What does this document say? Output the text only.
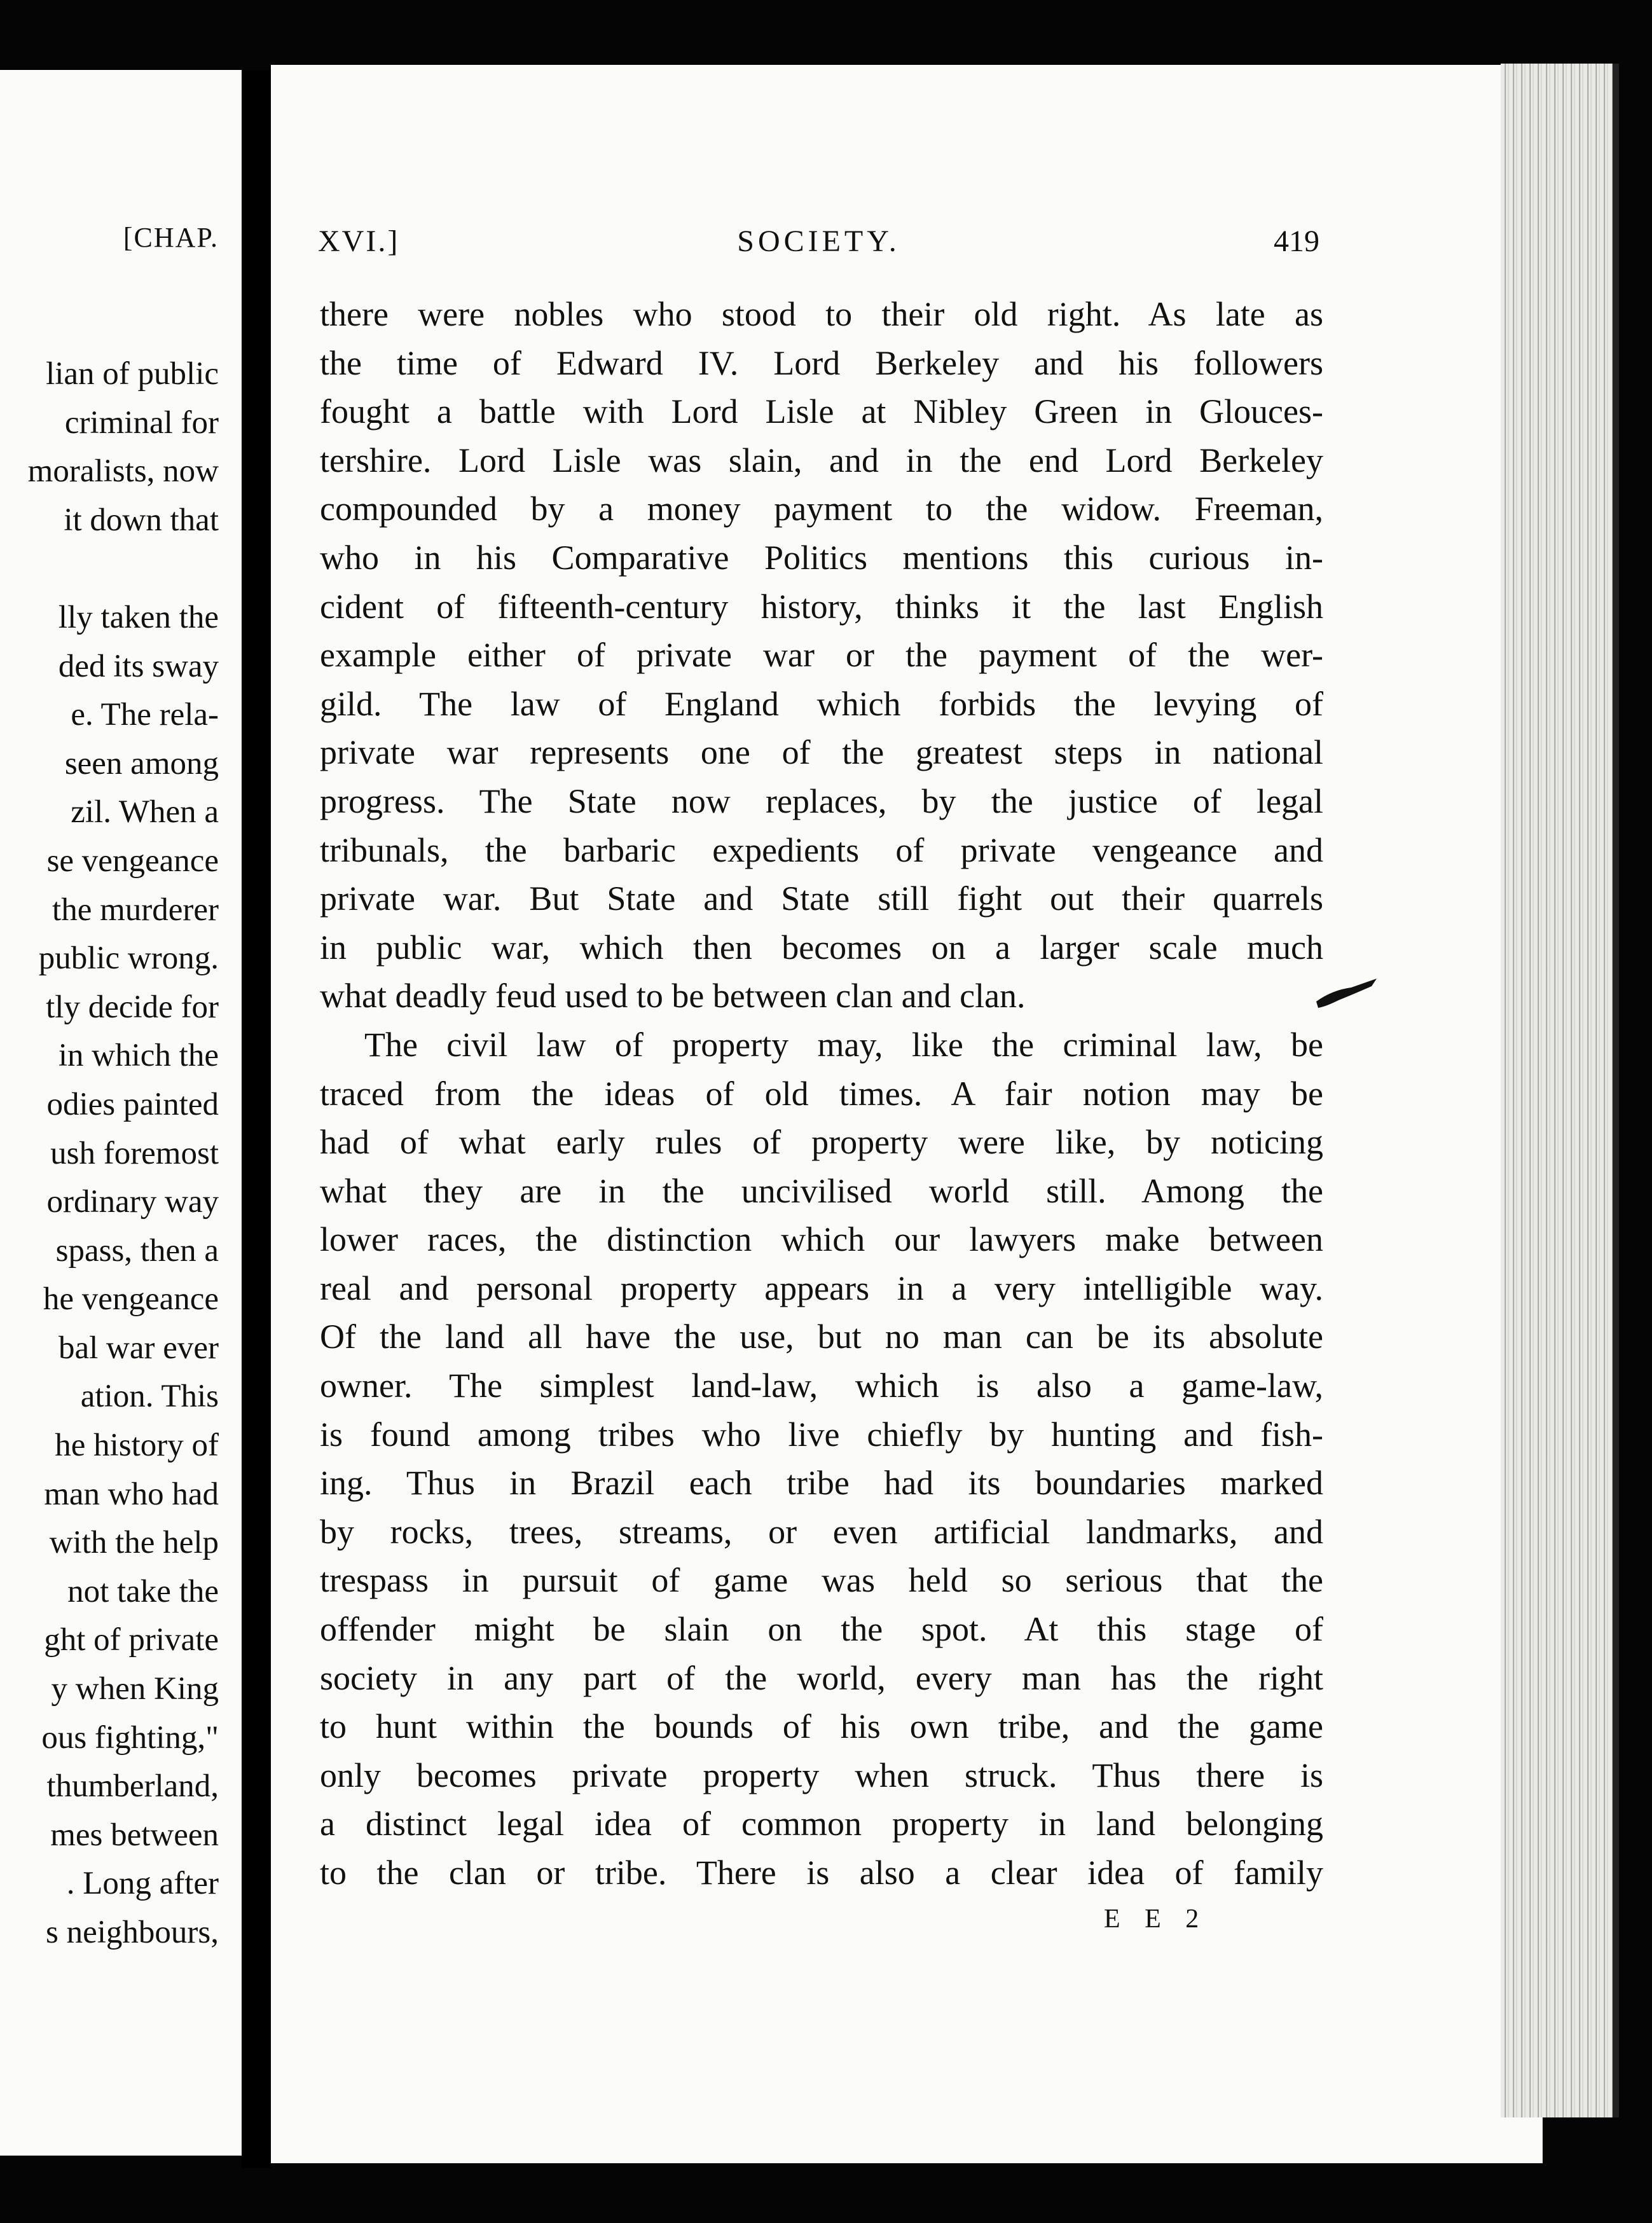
[CHAP.
lian of public
criminal for
moralists, now
it down that

lly taken the
ded its sway
e. The rela-
seen among
zil. When a
se vengeance
the murderer
public wrong.
tly decide for
in which the
odies painted
ush foremost
ordinary way
spass, then a
he vengeance
bal war ever
ation. This
he history of
man who had
with the help
not take the
ght of private
y when King
ous fighting,"
thumberland,
mes between
. Long after
s neighbours,
XVI.]	SOCIETY.	419
there were nobles who stood to their old right. As late as
the time of Edward IV. Lord Berkeley and his followers
fought a battle with Lord Lisle at Nibley Green in Glouces-
tershire. Lord Lisle was slain, and in the end Lord Berkeley
compounded by a money payment to the widow. Freeman,
who in his Comparative Politics mentions this curious in-
cident of fifteenth-century history, thinks it the last English
example either of private war or the payment of the wer-
gild. The law of England which forbids the levying of
private war represents one of the greatest steps in national
progress. The State now replaces, by the justice of legal
tribunals, the barbaric expedients of private vengeance and
private war. But State and State still fight out their quarrels
in public war, which then becomes on a larger scale much
what deadly feud used to be between clan and clan.
The civil law of property may, like the criminal law, be
traced from the ideas of old times. A fair notion may be
had of what early rules of property were like, by noticing
what they are in the uncivilised world still. Among the
lower races, the distinction which our lawyers make between
real and personal property appears in a very intelligible way.
Of the land all have the use, but no man can be its absolute
owner. The simplest land-law, which is also a game-law,
is found among tribes who live chiefly by hunting and fish-
ing. Thus in Brazil each tribe had its boundaries marked
by rocks, trees, streams, or even artificial landmarks, and
trespass in pursuit of game was held so serious that the
offender might be slain on the spot. At this stage of
society in any part of the world, every man has the right
to hunt within the bounds of his own tribe, and the game
only becomes private property when struck. Thus there is
a distinct legal idea of common property in land belonging
to the clan or tribe. There is also a clear idea of family
E E 2
